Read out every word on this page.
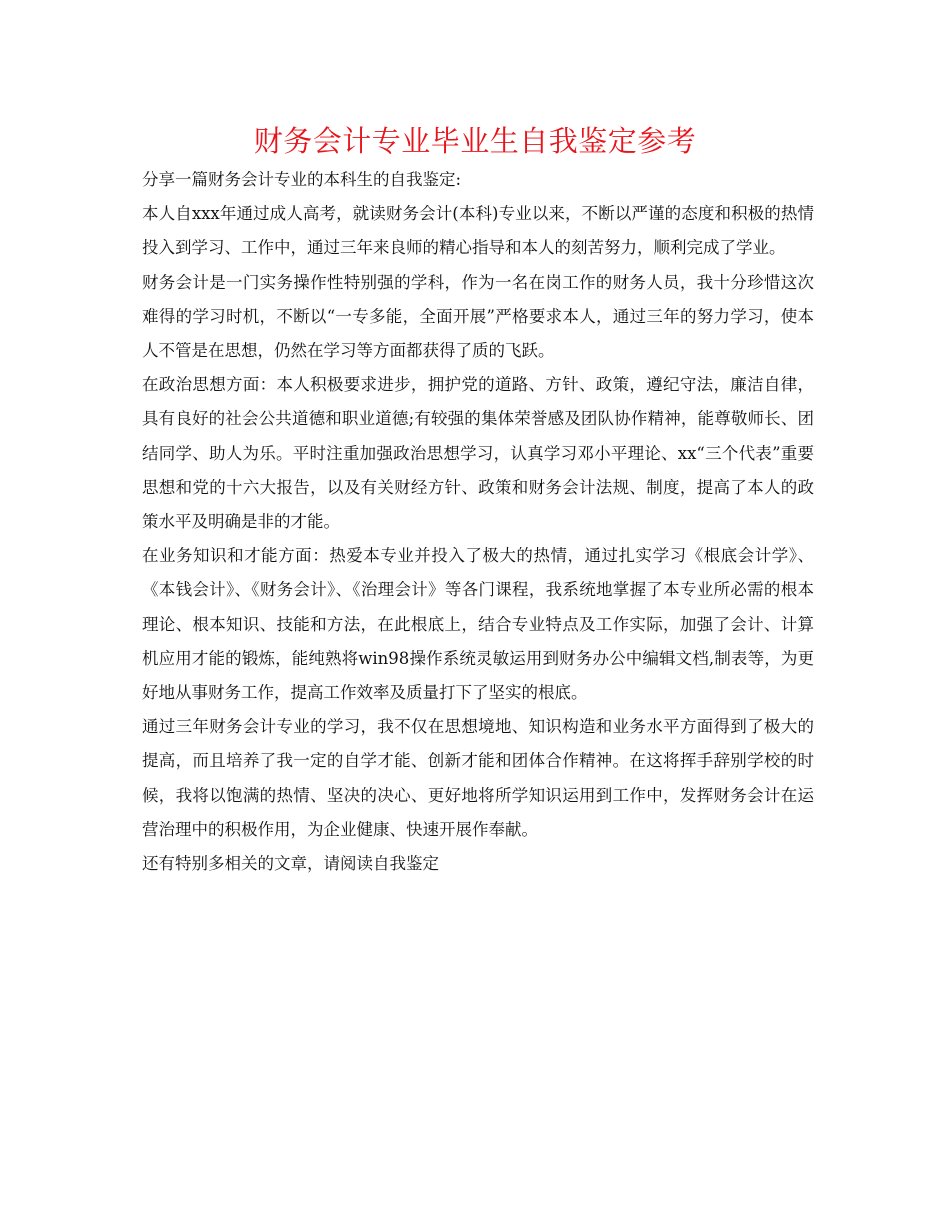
财务会计专业毕业生自我鉴定参考

分享一篇财务会计专业的本科生的自我鉴定:

本人自xxx年通过成人高考，就读财务会计(本科)专业以来，不断以严谨的态度和积极的热情投入到学习、工作中，通过三年来良师的精心指导和本人的刻苦努力，顺利完成了学业。

财务会计是一门实务操作性特别强的学科，作为一名在岗工作的财务人员，我十分珍惜这次难得的学习时机，不断以“一专多能，全面开展”严格要求本人，通过三年的努力学习，使本人不管是在思想，仍然在学习等方面都获得了质的飞跃。

在政治思想方面：本人积极要求进步，拥护党的道路、方针、政策，遵纪守法，廉洁自律，具有良好的社会公共道德和职业道德;有较强的集体荣誉感及团队协作精神，能尊敬师长、团结同学、助人为乐。平时注重加强政治思想学习，认真学习邓小平理论、xx“三个代表”重要思想和党的十六大报告，以及有关财经方针、政策和财务会计法规、制度，提高了本人的政策水平及明确是非的才能。

在业务知识和才能方面：热爱本专业并投入了极大的热情，通过扎实学习《根底会计学》、《本钱会计》、《财务会计》、《治理会计》等各门课程，我系统地掌握了本专业所必需的根本理论、根本知识、技能和方法，在此根底上，结合专业特点及工作实际，加强了会计、计算机应用才能的锻炼，能纯熟将win98操作系统灵敏运用到财务办公中编辑文档,制表等，为更好地从事财务工作，提高工作效率及质量打下了坚实的根底。

通过三年财务会计专业的学习，我不仅在思想境地、知识构造和业务水平方面得到了极大的提高，而且培养了我一定的自学才能、创新才能和团体合作精神。在这将挥手辞别学校的时候，我将以饱满的热情、坚决的决心、更好地将所学知识运用到工作中，发挥财务会计在运营治理中的积极作用，为企业健康、快速开展作奉献。

还有特别多相关的文章，请阅读自我鉴定
